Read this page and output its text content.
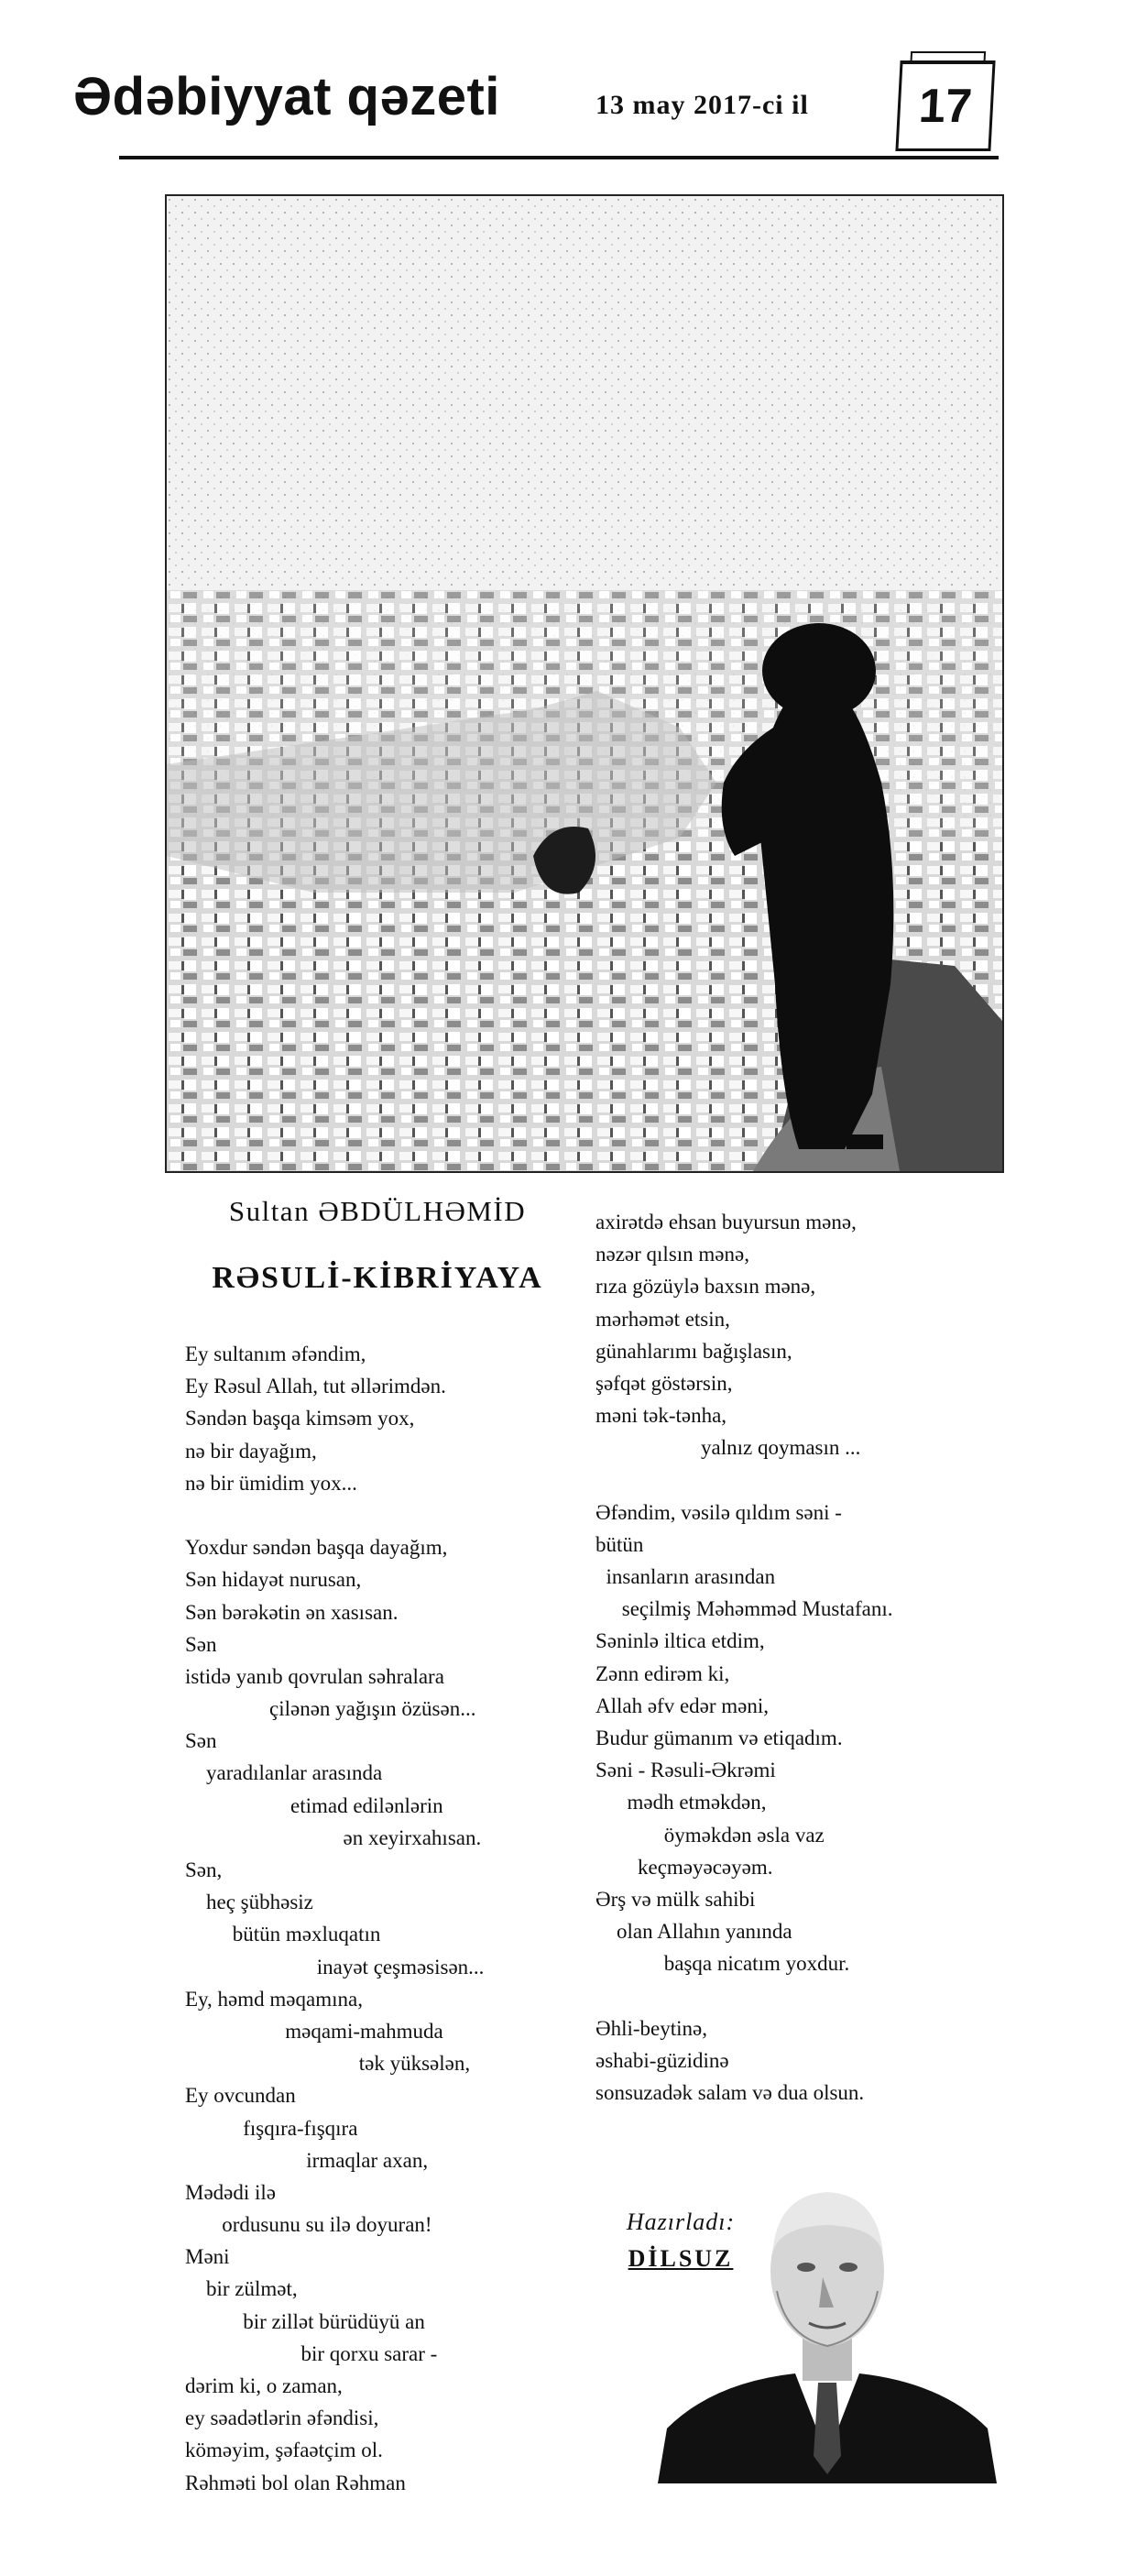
Ədəbiyyat qəzeti	13 may 2017-ci il	17
Sultan ƏBDÜLHƏMİD
RƏSULİ-KİBRİYAYA
Ey sultanım əfəndim,
Ey Rəsul Allah, tut əllərimdən.
Səndən başqa kimsəm yox,
nə bir dayağım,
nə bir ümidim yox...
Yoxdur səndən başqa dayağım,
Sən hidayət nurusan,
Sən bərəkətin ən xasısan.
Sən
istidə yanıb qovrulan səhralara
çilənən yağışın özüsən...
Sən
yaradılanlar arasında
etimad edilənlərin
ən xeyirxahısan.
Sən,
heç şübhəsiz
bütün məxluqatın
inayət çeşməsisən...
Ey, həmd məqamına,
məqami-mahmuda
tək yüksələn,
Ey ovcundan
fışqıra-fışqıra
irmaqlar axan,
Mədədi ilə
ordusunu su ilə doyuran!
Məni
bir zülmət,
bir zillət bürüdüyü an
bir qorxu sarar -
dərim ki, o zaman,
ey səadətlərin əfəndisi,
köməyim, şəfaətçim ol.
Rəhməti bol olan Rəhman
axirətdə ehsan buyursun mənə,
nəzər qılsın mənə,
rıza gözüylə baxsın mənə,
mərhəmət etsin,
günahlarımı bağışlasın,
şəfqət göstərsin,
məni tək-tənha,
yalnız qoymasın ...
Əfəndim, vəsilə qıldım səni -
bütün
insanların arasından
seçilmiş Məhəmməd Mustafanı.
Səninlə iltica etdim,
Zənn edirəm ki,
Allah əfv edər məni,
Budur gümanım və etiqadım.
Səni - Rəsuli-Əkrəmi
mədh etməkdən,
öyməkdən əsla vaz
keçməyəcəyəm.
Ərş və mülk sahibi
olan Allahın yanında
başqa nicatım yoxdur.
Əhli-beytinə,
əshabi-güzidinə
sonsuzadək salam və dua olsun.
Hazırladı:
DİLSUZ
